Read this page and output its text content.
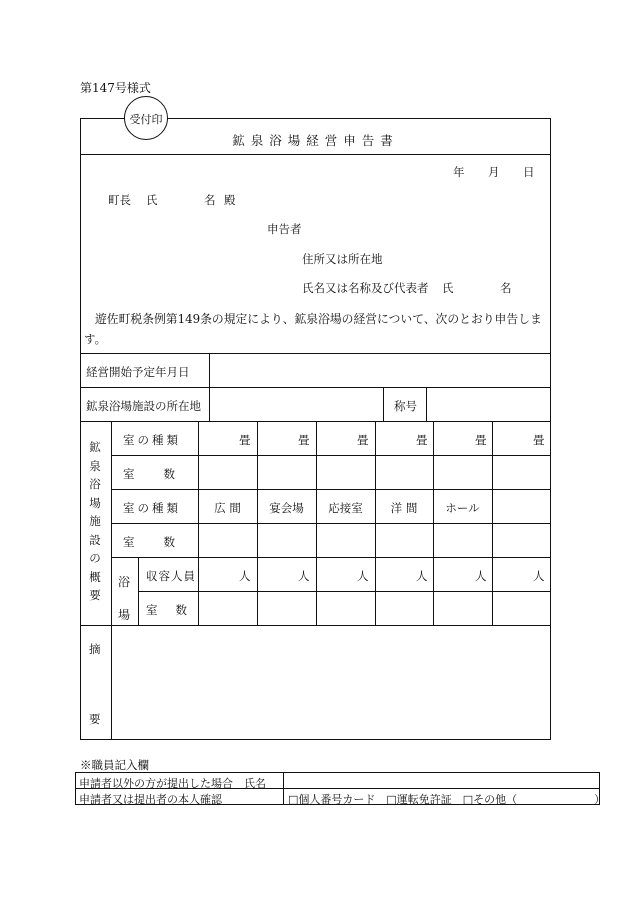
第147号様式
受付印
鉱泉浴場経営申告書
年 月 日
町長 氏	名 殿
申告者
住所又は所在地
氏名又は名称及び代表者 氏	名
遊佐町税条例第149条の規定により、鉱泉浴場の経営について、次のとおり申告しま
す。
経営開始予定年月日
鉱泉浴場施設の所在地	称号
鉱泉浴場施設の概要
室の種類	畳	畳	畳	畳	畳	畳
室数
室の種類	広 間	宴会場	応接室	洋 間	ホール
室数
浴場
収容人員	人	人	人	人	人	人
室数
摘
要
※職員記入欄
申請者以外の方が提出した場合　氏名
申請者又は提出者の本人確認	□個人番号カード　□運転免許証　□その他（　　　　　　　）
